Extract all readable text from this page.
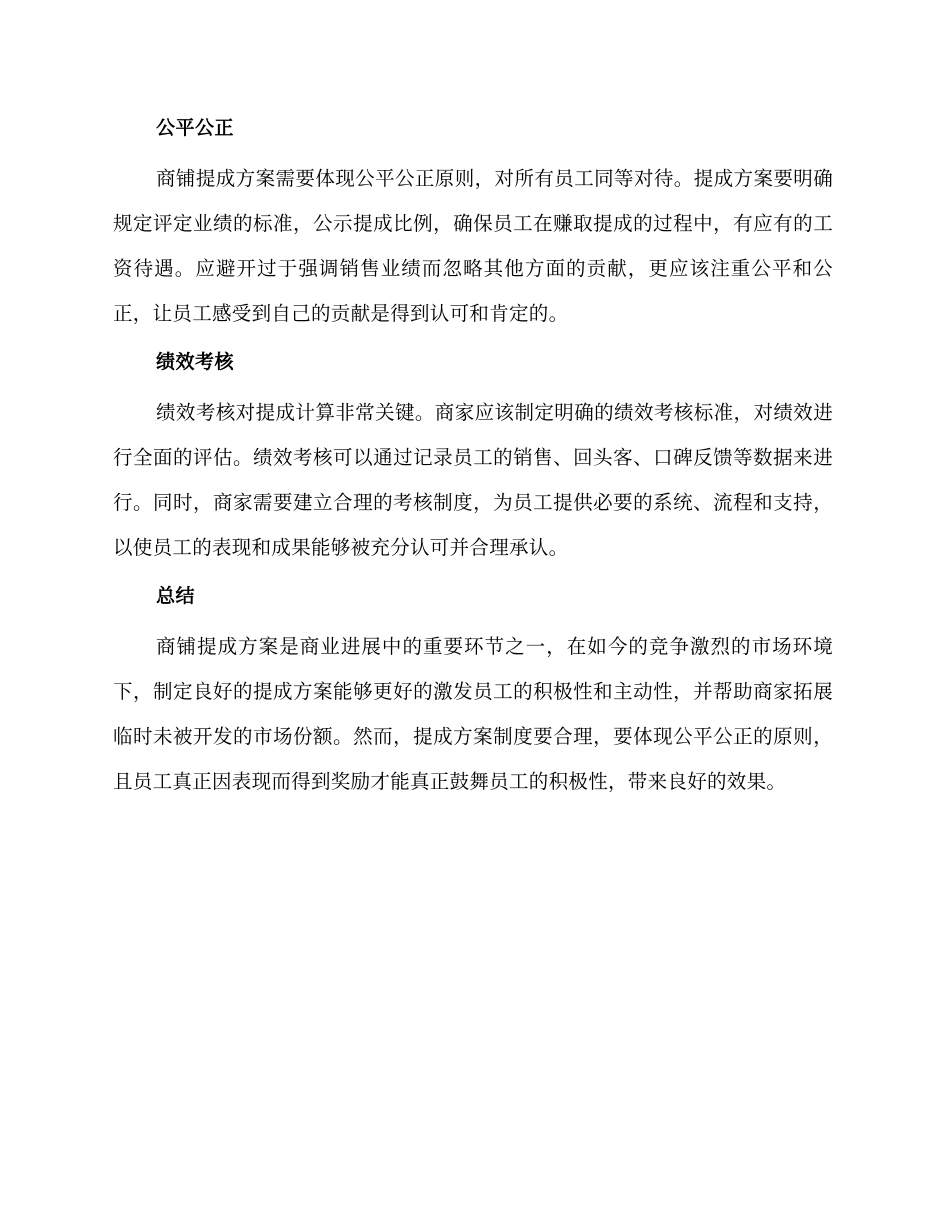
公平公正

商铺提成方案需要体现公平公正原则，对所有员工同等对待。提成方案要明确规定评定业绩的标准，公示提成比例，确保员工在赚取提成的过程中，有应有的工资待遇。应避开过于强调销售业绩而忽略其他方面的贡献，更应该注重公平和公正，让员工感受到自己的贡献是得到认可和肯定的。

绩效考核

绩效考核对提成计算非常关键。商家应该制定明确的绩效考核标准，对绩效进行全面的评估。绩效考核可以通过记录员工的销售、回头客、口碑反馈等数据来进行。同时，商家需要建立合理的考核制度，为员工提供必要的系统、流程和支持，以使员工的表现和成果能够被充分认可并合理承认。

总结

商铺提成方案是商业进展中的重要环节之一，在如今的竞争激烈的市场环境下，制定良好的提成方案能够更好的激发员工的积极性和主动性，并帮助商家拓展临时未被开发的市场份额。然而，提成方案制度要合理，要体现公平公正的原则，且员工真正因表现而得到奖励才能真正鼓舞员工的积极性，带来良好的效果。
